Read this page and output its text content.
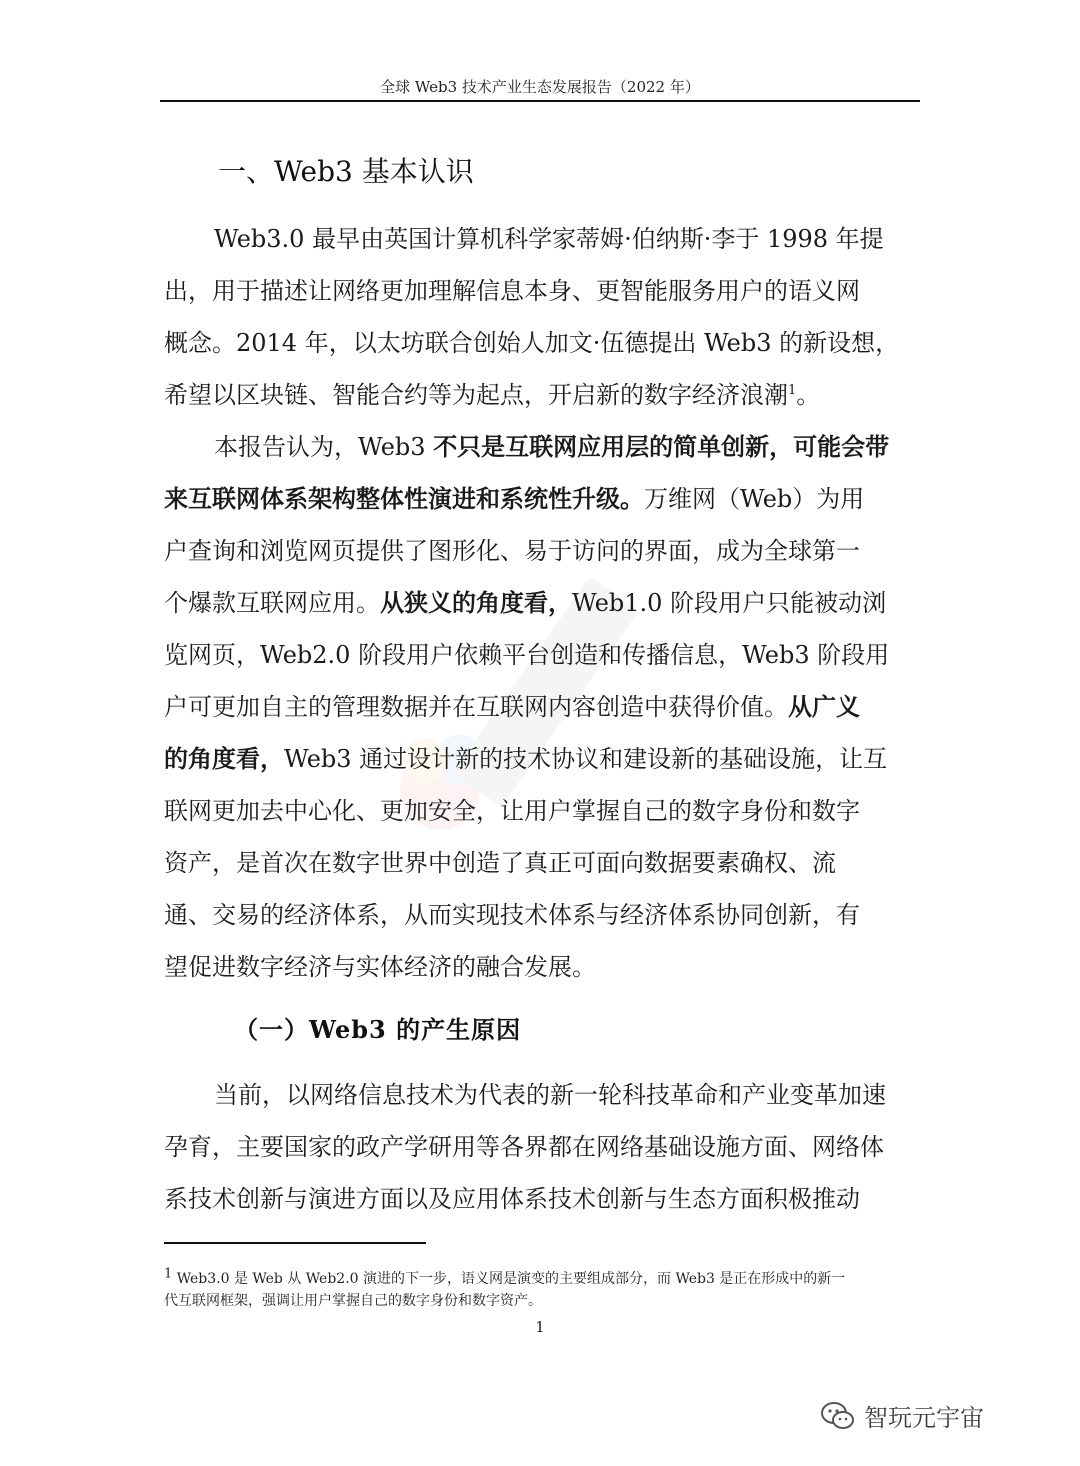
全球 Web3 技术产业生态发展报告（2022 年）
一、Web3 基本认识
Web3.0 最早由英国计算机科学家蒂姆·伯纳斯·李于 1998 年提
出，用于描述让网络更加理解信息本身、更智能服务用户的语义网
概念。2014 年，以太坊联合创始人加文·伍德提出 Web3 的新设想，
希望以区块链、智能合约等为起点，开启新的数字经济浪潮$^1$。
本报告认为，Web3 不只是互联网应用层的简单创新，可能会带
来互联网体系架构整体性演进和系统性升级。万维网（Web）为用
户查询和浏览网页提供了图形化、易于访问的界面，成为全球第一
个爆款互联网应用。从狭义的角度看，Web1.0 阶段用户只能被动浏
览网页，Web2.0 阶段用户依赖平台创造和传播信息，Web3 阶段用
户可更加自主的管理数据并在互联网内容创造中获得价值。从广义
的角度看，Web3 通过设计新的技术协议和建设新的基础设施，让互
联网更加去中心化、更加安全，让用户掌握自己的数字身份和数字
资产，是首次在数字世界中创造了真正可面向数据要素确权、流
通、交易的经济体系，从而实现技术体系与经济体系协同创新，有
望促进数字经济与实体经济的融合发展。
（一）Web3 的产生原因
当前，以网络信息技术为代表的新一轮科技革命和产业变革加速
孕育，主要国家的政产学研用等各界都在网络基础设施方面、网络体
系技术创新与演进方面以及应用体系技术创新与生态方面积极推动
$^1$ Web3.0 是 Web 从 Web2.0 演进的下一步，语义网是演变的主要组成部分，而 Web3 是正在形成中的新一
代互联网框架，强调让用户掌握自己的数字身份和数字资产。
1
智玩元宇宙
